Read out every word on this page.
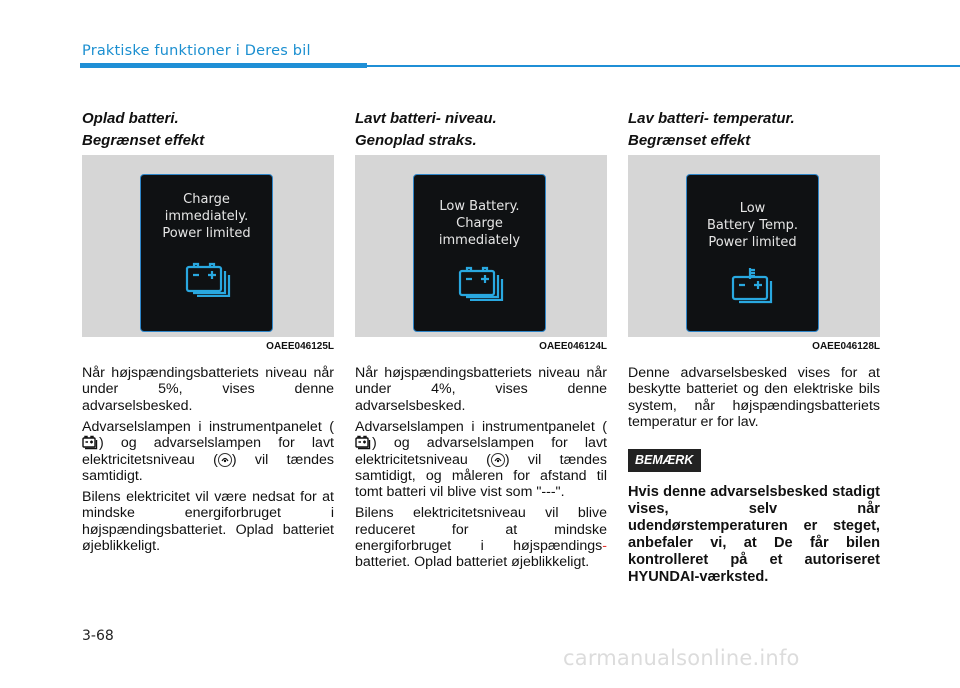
Praktiske funktioner i Deres bil
Oplad batteri.
Begrænset effekt
Charge
immediately.
Power limited
OAEE046125L

Når højspændingsbatteriets niveau når under 5%, vises denne advarselsbesked.

Advarselslampen i instrumentpanelet () og advarselslampen for lavt elektricitetsniveau ( ) vil tændes samtidigt.

Bilens elektricitet vil være nedsat for at mindske energiforbruget i højspændingsbatteriet. Oplad batteriet øjeblikkeligt.

Lavt batteri- niveau.
Genoplad straks.
Low Battery.
Charge
immediately
OAEE046124L

Når højspændingsbatteriets niveau når under 4%, vises denne advarselsbesked.

Advarselslampen i instrumentpanelet () og advarselslampen for lavt elektricitetsniveau ( ) vil tændes samtidigt, og måleren for afstand til tomt batteri vil blive vist som "---".

Bilens elektricitetsniveau vil blive reduceret for at mindske energiforbruget i højspændings- batteriet. Oplad batteriet øjeblikkeligt.

Lav batteri- temperatur.
Begrænset effekt
Low
Battery Temp.
Power limited
OAEE046128L

Denne advarselsbesked vises for at beskytte batteriet og den elektriske bils system, når højspændingsbatteriets temperatur er for lav.

BEMÆRK
Hvis denne advarselsbesked stadigt vises, selv når udendørstemperaturen er steget, anbefaler vi, at De får bilen kontrolleret på et autoriseret HYUNDAI-værksted.
3-68
carmanualsonline.info
